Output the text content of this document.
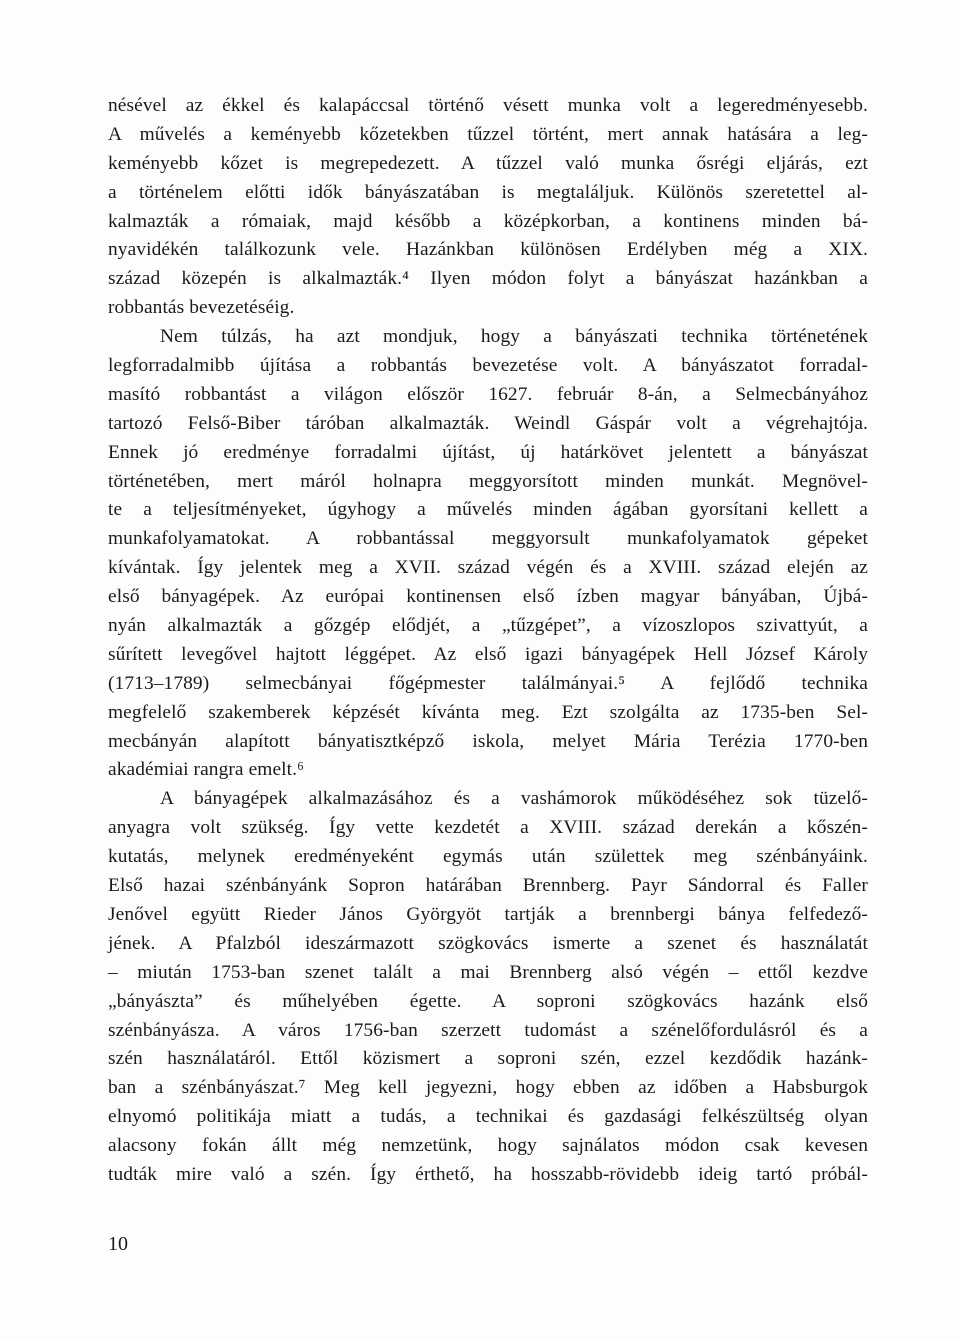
nésével az ékkel és kalapáccsal történő vésett munka volt a legeredményesebb.
A művelés a keményebb kőzetekben tűzzel történt, mert annak hatására a leg-
keményebb kőzet is megrepedezett. A tűzzel való munka ősrégi eljárás, ezt
a történelem előtti idők bányászatában is megtaláljuk. Különös szeretettel al-
kalmazták a rómaiak, majd később a középkorban, a kontinens minden bá-
nyavidékén találkozunk vele. Hazánkban különösen Erdélyben még a XIX.
század közepén is alkalmazták.⁴ Ilyen módon folyt a bányászat hazánkban a
robbantás bevezetéséig.
Nem túlzás, ha azt mondjuk, hogy a bányászati technika történetének
legforradalmibb újítása a robbantás bevezetése volt. A bányászatot forradal-
masító robbantást a világon először 1627. február 8-án, a Selmecbányához
tartozó Felső-Biber táróban alkalmazták. Weindl Gáspár volt a végrehajtója.
Ennek jó eredménye forradalmi újítást, új határkövet jelentett a bányászat
történetében, mert máról holnapra meggyorsított minden munkát. Megnövel-
te a teljesítményeket, úgyhogy a művelés minden ágában gyorsítani kellett a
munkafolyamatokat. A robbantással meggyorsult munkafolyamatok gépeket
kívántak. Így jelentek meg a XVII. század végén és a XVIII. század elején az
első bányagépek. Az európai kontinensen első ízben magyar bányában, Újbá-
nyán alkalmazták a gőzgép elődjét, a „tűzgépet”, a vízoszlopos szivattyút, a
sűrített levegővel hajtott léggépet. Az első igazi bányagépek Hell József Károly
(1713–1789) selmecbányai főgépmester találmányai.⁵ A fejlődő technika
megfelelő szakemberek képzését kívánta meg. Ezt szolgálta az 1735-ben Sel-
mecbányán alapított bányatisztképző iskola, melyet Mária Terézia 1770-ben
akadémiai rangra emelt.⁶
A bányagépek alkalmazásához és a vashámorok működéséhez sok tüzelő-
anyagra volt szükség. Így vette kezdetét a XVIII. század derekán a kőszén-
kutatás, melynek eredményeként egymás után születtek meg szénbányáink.
Első hazai szénbányánk Sopron határában Brennberg. Payr Sándorral és Faller
Jenővel együtt Rieder János Györgyöt tartják a brennbergi bánya felfedező-
jének. A Pfalzból ideszármazott szögkovács ismerte a szenet és használatát
– miután 1753-ban szenet talált a mai Brennberg alsó végén – ettől kezdve
„bányászta” és műhelyében égette. A soproni szögkovács hazánk első
szénbányásza. A város 1756-ban szerzett tudomást a szénelőfordulásról és a
szén használatáról. Ettől közismert a soproni szén, ezzel kezdődik hazánk-
ban a szénbányászat.⁷ Meg kell jegyezni, hogy ebben az időben a Habsburgok
elnyomó politikája miatt a tudás, a technikai és gazdasági felkészültség olyan
alacsony fokán állt még nemzetünk, hogy sajnálatos módon csak kevesen
tudták mire való a szén. Így érthető, ha hosszabb-rövidebb ideig tartó próbál-
10
